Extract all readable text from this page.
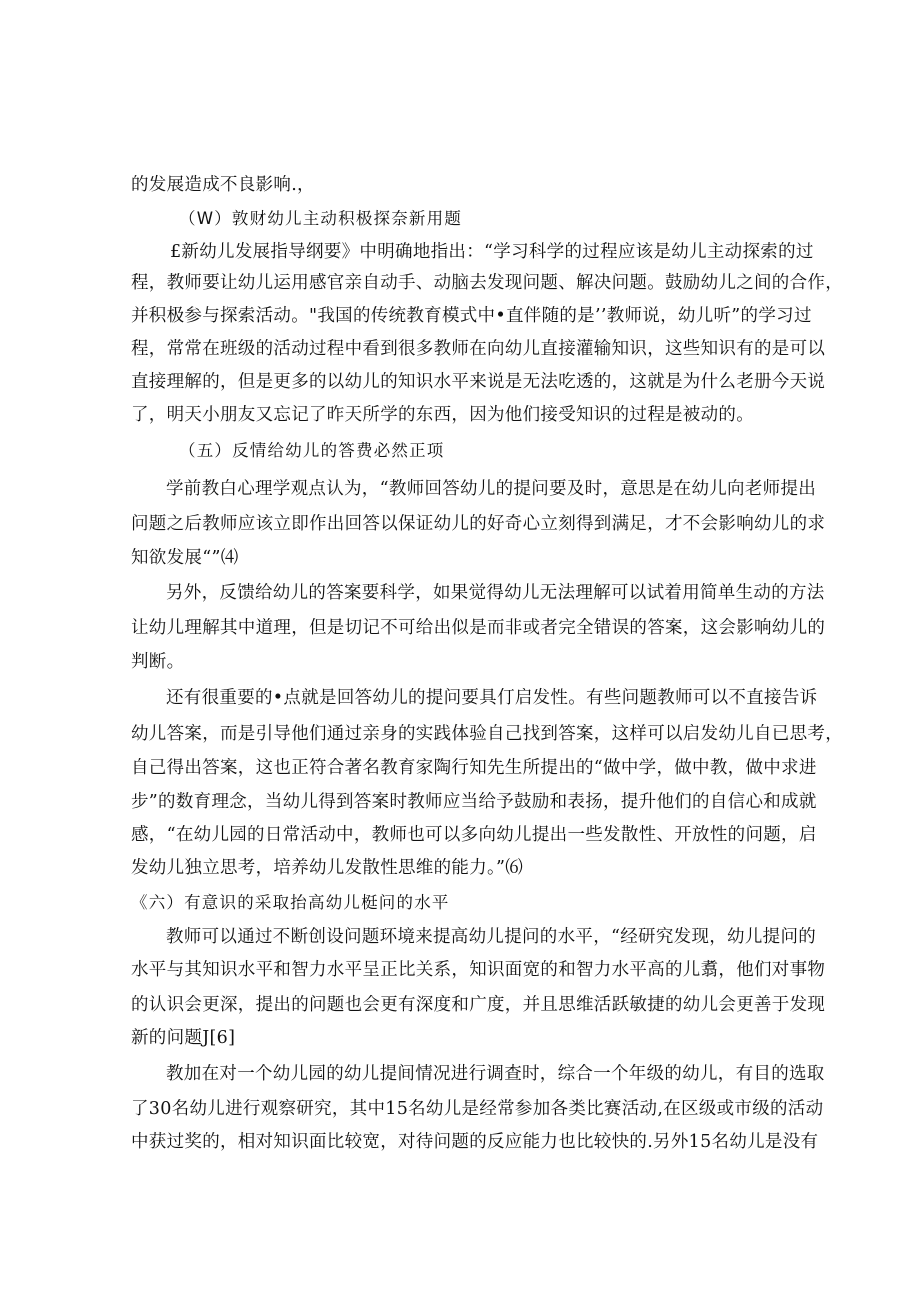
的发展造成不良影响.，
（W）敦财幼儿主动积极探奈新用题
£新幼儿发展指导纲要》中明确地指出：“学习科学的过程应该是幼儿主动探索的过
程，教师要让幼儿运用感官亲自动手、动脑去发现问题、解决问题。鼓励幼儿之间的合作，
并积极参与探索活动。"我国的传统教育模式中•直伴随的是’’教师说，幼儿听”的学习过
程，常常在班级的活动过程中看到很多教师在向幼儿直接灌输知识，这些知识有的是可以
直接理解的，但是更多的以幼儿的知识水平来说是无法吃透的，这就是为什么老册今天说
了，明天小朋友又忘记了昨天所学的东西，因为他们接受知识的过程是被动的。
（五）反情给幼儿的答费必然正项
学前教白心理学观点认为，“教师回答幼儿的提问要及时，意思是在幼儿向老师提出
问题之后教师应该立即作出回答以保证幼儿的好奇心立刻得到满足，才不会影响幼儿的求
知欲发展“”⑷
另外，反馈给幼儿的答案要科学，如果觉得幼儿无法理解可以试着用简单生动的方法
让幼儿理解其中道理，但是切记不可给出似是而非或者完全错误的答案，这会影响幼儿的
判断。
还有很重要的•点就是回答幼儿的提问要具仃启发性。有些问题教师可以不直接告诉
幼儿答案，而是引导他们通过亲身的实践体验自己找到答案，这样可以启发幼儿自已思考，
自己得出答案，这也正符合著名教育家陶行知先生所提出的“做中学，做中教，做中求进
步”的数育理念，当幼儿得到答案时教师应当给予鼓励和表扬，提升他们的自信心和成就
感，“在幼儿园的日常活动中，教师也可以多向幼儿提出一些发散性、开放性的问题，启
发幼儿独立思考，培养幼儿发散性思维的能力。”⑹
《六）有意识的采取抬高幼儿梃问的水平
教师可以通过不断创设问题环境来提高幼儿提问的水平，“经研究发现，幼儿提问的
水平与其知识水平和智力水平呈正比关系，知识面宽的和智力水平高的儿翥，他们对事物
的认识会更深，提出的问题也会更有深度和广度，并且思维活跃敏捷的幼儿会更善于发现
新的问题J[6]
教加在对一个幼儿园的幼儿提间情况进行调查时，综合一个年级的幼儿，有目的选取
了30名幼儿进行观察研究，其中15名幼儿是经常参加各类比赛活动,在区级或市级的活动
中获过奖的，相对知识面比较宽，对待问题的反应能力也比较快的.另外15名幼儿是没有
